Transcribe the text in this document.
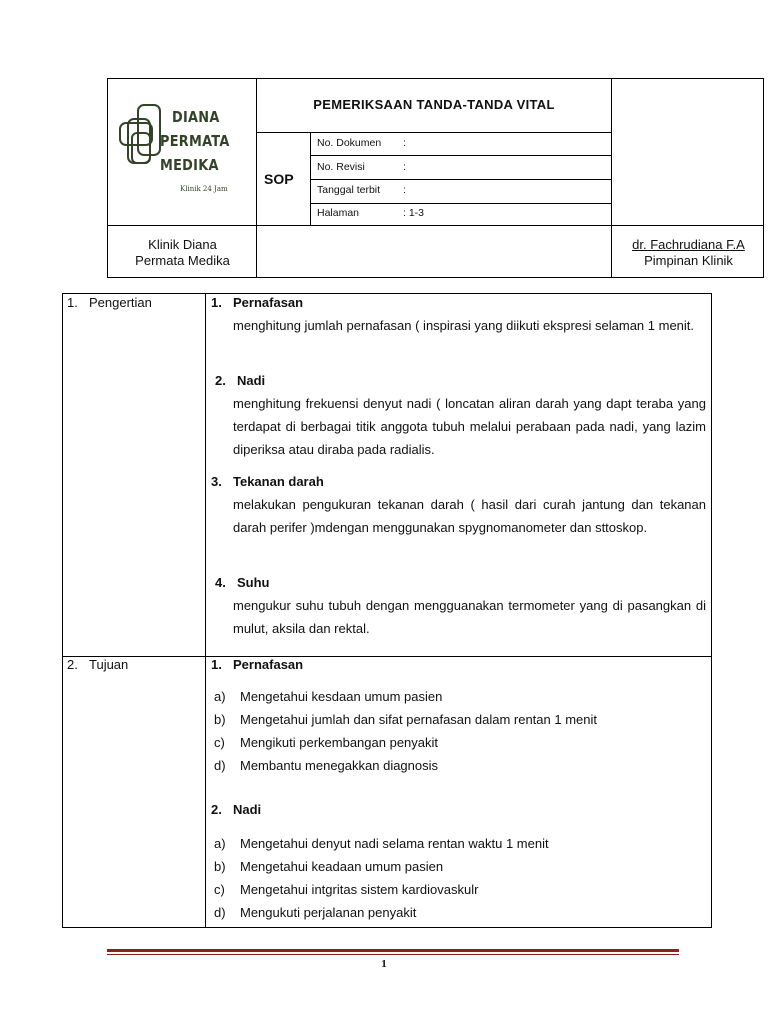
DIANA
PERMATA
MEDIKA
Klinik 24 Jam
PEMERIKSAAN TANDA-TANDA VITAL
SOP
No. Dokumen :
No. Revisi	:
Tanggal terbit :
Halaman	: 1-3
Klinik Diana
Permata Medika
dr. Fachrudiana F.A
Pimpinan Klinik
1. Pengertian	1. Pernafasan
menghitung jumlah pernafasan ( inspirasi yang diikuti ekspresi selaman 1 menit.
2. Nadi
menghitung frekuensi denyut nadi ( loncatan aliran darah yang dapt teraba yang terdapat di berbagai titik anggota tubuh melalui perabaan pada nadi, yang lazim diperiksa atau diraba pada radialis.
3. Tekanan darah
melakukan pengukuran tekanan darah ( hasil dari curah jantung dan tekanan darah perifer )mdengan menggunakan spygnomanometer dan sttoskop.
4. Suhu
mengukur suhu tubuh dengan mengguanakan termometer yang di pasangkan di mulut, aksila dan rektal.
2. Tujuan	1. Pernafasan
a) Mengetahui kesdaan umum pasien
b) Mengetahui jumlah dan sifat pernafasan dalam rentan 1 menit
c) Mengikuti perkembangan penyakit
d) Membantu menegakkan diagnosis
2. Nadi
a) Mengetahui denyut nadi selama rentan waktu 1 menit
b) Mengetahui keadaan umum pasien
c) Mengetahui intgritas sistem kardiovaskulr
d) Mengukuti perjalanan penyakit
1
